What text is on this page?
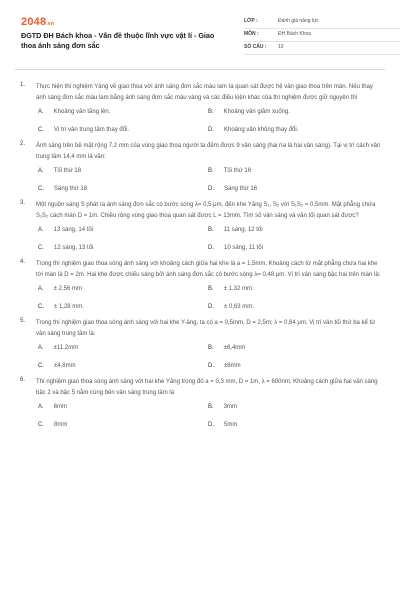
2048.vn
ĐGTD ĐH Bách khoa - Vấn đề thuộc lĩnh vực vật lí - Giao thoa ánh sáng đơn sắc
LỚP :	Đánh giá năng lực
MÔN :	ĐH Bách Khoa
SỐ CÂU : 10
1. Thực hiện thí nghiệm Yâng về giao thoa với ánh sáng đơn sắc màu lam ta quan sát được hệ vân giao thoa trên màn. Nếu thay ánh sáng đơn sắc màu lam bằng ánh sáng đơn sắc màu vàng và các điều kiện khác của thí nghiệm được giữ nguyên thì
A. Khoảng vân tăng lên.	B. Khoảng vân giảm xuống.
C. Vị trí vân trung tâm thay đổi.	D. Khoảng vân không thay đổi.
2. Ánh sáng trên bề mặt rộng 7,2 mm của vùng giao thoa người ta đếm được 9 vân sáng (hai rìa là hai vân sáng). Tại vị trí cách vân trung tâm 14,4 mm là vân:
A. Tối thứ 18	B. Tối thứ 16
C. Sáng thứ 18	D. Sáng thứ 16
3. Một nguồn sáng S phát ra ánh sáng đơn sắc có bước sóng λ= 0,5 μm, đến khe Yâng S₁, S₂ với S₁S₂ = 0,5mm. Mặt phẳng chứa S₁S₂ cách màn D = 1m. Chiều rộng vùng giao thoa quan sát được L = 13mm. Tìm số vân sáng và vân tối quan sát được?
A. 13 sáng, 14 tối	B. 11 sáng, 12 tối
C. 12 sáng, 13 tối	D. 10 sáng, 11 tối
4. Trong thí nghiệm giao thoa sóng ánh sáng với khoảng cách giữa hai khe là a = 1,5mm. Khoảng cách từ mặt phẳng chứa hai khe tới màn là D = 2m. Hai khe được chiếu sáng bởi ánh sáng đơn sắc có bước sóng λ= 0,48 μm. Vị trí vân sáng bậc hai trên màn là:
A. ± 2,56 mm	B. ± 1,32 mm.
C. ± 1,28 mm.	D. ± 0,63 mm.
5. Trong thí nghiệm giao thoa sóng ánh sáng với hai khe Y-âng, ta có a = 0,5mm, D = 2,5m; λ = 0,64 μm. Vị trí vân tối thứ ba kể từ vân sáng trung tâm là:
A. ±11,2mm	B. ±6,4mm
C. ±4,8mm	D. ±8mm
6. Thí nghiệm giao thoa sóng ánh sáng với hai khe Yâng trong đó a = 0,3 mm, D = 1m, λ = 600nm. Khoảng cách giữa hai vân sáng bậc 2 và bậc 5 nằm cùng bên vân sáng trung tâm là
A. 6mm	B. 3mm
C. 8mm	D. 5mm
